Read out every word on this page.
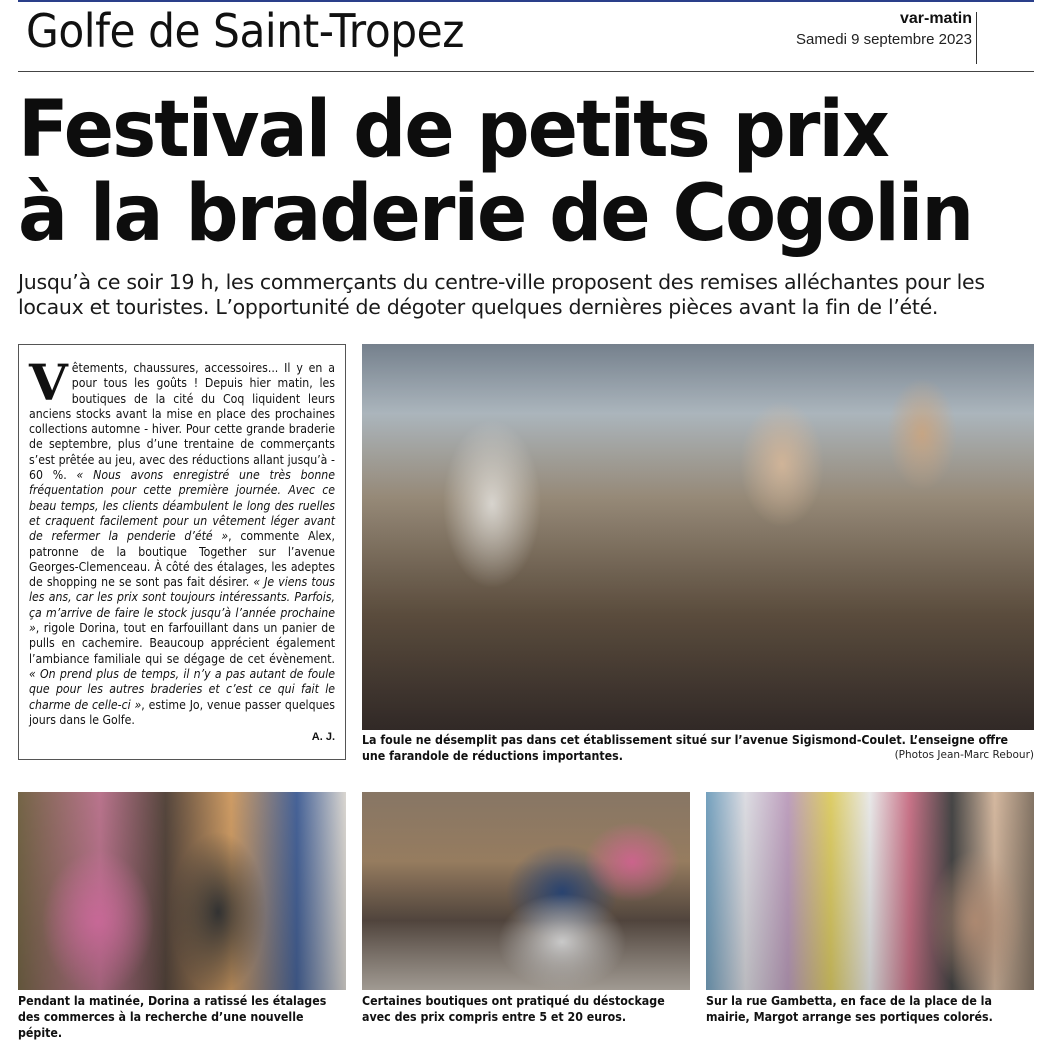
Golfe de Saint-Tropez	var-matin
Samedi 9 septembre 2023
Festival de petits prix
à la braderie de Cogolin
Jusqu’à ce soir 19 h, les commerçants du centre-ville proposent des remises alléchantes pour les locaux et touristes. L’opportunité de dégoter quelques dernières pièces avant la fin de l’été.
Vêtements, chaussures, accessoires... Il y en a pour tous les goûts ! Depuis hier matin, les boutiques de la cité du Coq liquident leurs anciens stocks avant la mise en place des prochaines collections automne - hiver. Pour cette grande braderie de septembre, plus d’une trentaine de commerçants s’est prêtée au jeu, avec des réductions allant jusqu’à - 60 %. « Nous avons enregistré une très bonne fréquentation pour cette première journée. Avec ce beau temps, les clients déambulent le long des ruelles et craquent facilement pour un vêtement léger avant de refermer la penderie d’été », commente Alex, patronne de la boutique Together sur l’avenue Georges-Clemenceau. À côté des étalages, les adeptes de shopping ne se sont pas fait désirer. « Je viens tous les ans, car les prix sont toujours intéressants. Parfois, ça m’arrive de faire le stock jusqu’à l’année prochaine », rigole Dorina, tout en farfouillant dans un panier de pulls en cachemire. Beaucoup apprécient également l’ambiance familiale qui se dégage de cet évènement. « On prend plus de temps, il n’y a pas autant de foule que pour les autres braderies et c’est ce qui fait le charme de celle-ci », estime Jo, venue passer quelques jours dans le Golfe.
A. J. La foule ne désemplit pas dans cet établissement situé sur l’avenue Sigismond-Coulet. L’enseigne offre une farandole de réductions importantes.	(Photos Jean-Marc Rebour)
Pendant la matinée, Dorina a ratissé les étalages des commerces à la recherche d’une nouvelle pépite.
Certaines boutiques ont pratiqué du déstockage avec des prix compris entre 5 et 20 euros.
Sur la rue Gambetta, en face de la place de la mairie, Margot arrange ses portiques colorés.
